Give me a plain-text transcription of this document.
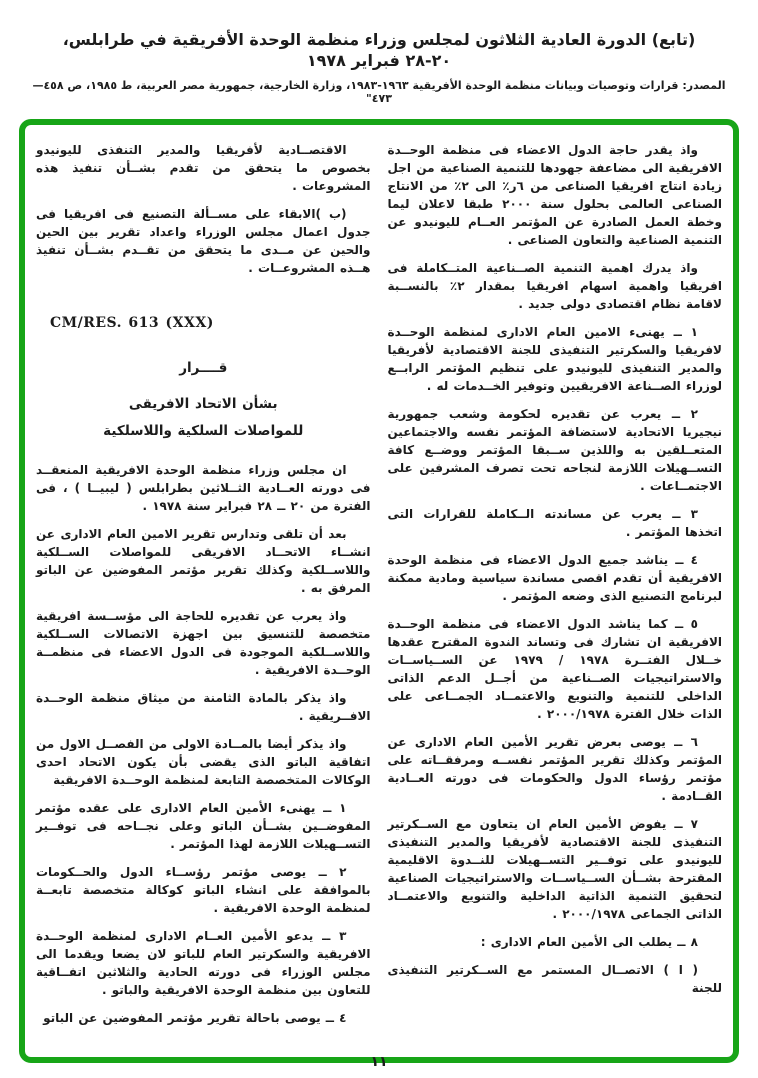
(تابع) الدورة العادية الثلاثون لمجلس وزراء منظمة الوحدة الأفريقية في طرابلس، ٢٠-٢٨ فبراير ١٩٧٨
المصدر: قرارات وتوصيات وبيانات منظمة الوحدة الأفريقية ١٩٦٣-١٩٨٣، وزارة الخارجية، جمهورية مصر العربية، ط ١٩٨٥، ص ٤٥٨—٤٧٣"

واذ يقدر حاجة الدول الاعضاء فى منظمة الوحــدة الافريقية الى مضاعفة جهودها للتنمية الصناعية من اجل زيادة انتاج افريقيا الصناعى من ٦ر٪ الى ٢٪ من الانتاج الصناعى العالمى بحلول سنة ٢٠٠٠ طبقا لاعلان ليما وخطة العمل الصادرة عن المؤتمر العــام لليونيدو عن التنمية الصناعية والتعاون الصناعى .

واذ يدرك اهمية التنمية الصــناعية المتــكاملة فى افريقيا واهمية اسهام افريقيا بمقدار ٢٪ بالنســبة لاقامة نظام اقتصادى دولى جديد .

١ ــ يهنىء الامين العام الادارى لمنظمة الوحــدة لافريقيا والسكرتير التنفيذى للجنة الاقتصادية لأفريقيا والمدير التنفيذى لليونيدو على تنظيم المؤتمر الرابــع لوزراء الصــناعة الافريقيين وتوفير الخــدمات له .

٢ ــ يعرب عن تقديره لحكومة وشعب جمهورية نيجيريا الاتحادية لاستضافة المؤتمر نفسه والاجتماعين المتعــلقين به واللذين ســبقا المؤتمر ووضــع كافة التســهيلات اللازمة لنجاحه تحت تصرف المشرفين على الاجتمــاعات .

٣ ــ يعرب عن مساندته الــكاملة للقرارات التى اتخذها المؤتمر .

٤ ــ يناشد جميع الدول الاعضاء فى منظمة الوحدة الافريقية أن تقدم اقصى مساندة سياسية ومادية ممكنة لبرنامج التصنيع الذى وضعه المؤتمر .

٥ ــ كما يناشد الدول الاعضاء فى منظمة الوحــدة الافريقية ان تشارك فى وتساند الندوة المقترح عقدها خــلال الفتــرة ١٩٧٨ / ١٩٧٩ عن الســياســات والاستراتيجيات الصــناعية من أجــل الدعم الذاتى الداخلى للتنمية والتنويع والاعتمــاد الجمــاعى على الذات خلال الفترة ٢٠٠٠/١٩٧٨ .

٦ ــ يوصى بعرض تقرير الأمين العام الادارى عن المؤتمر وكذلك تقرير المؤتمر نفســه ومرفقــاته على مؤتمر رؤساء الدول والحكومات فى دورته العــادية القــادمة .

٧ ــ يفوض الأمين العام ان يتعاون مع الســكرتير التنفيذى للجنة الاقتصادية لأفريقيا والمدير التنفيذى لليونيدو على توفــير التســهيلات للنــدوة الاقليمية المقترحة بشــأن الســياســات والاستراتيجيات الصناعية لتحقيق التنمية الذاتية الداخلية والتنويع والاعتمــاد الذاتى الجماعى ٢٠٠٠/١٩٧٨ .

٨ ــ يطلب الى الأمين العام الادارى :

( ا ) الاتصــال المستمر مع الســكرتير التنفيذى للجنة

الاقتصــادية لأفريقيا والمدير التنفذى لليونيدو بخصوص ما يتحقق من تقدم بشــأن تنفيذ هذه المشروعات .

(ب )الابقاء على مســألة التصنيع فى افريقيا فى جدول اعمال مجلس الوزراء واعداد تقرير بين الحين والحين عن مــدى ما يتحقق من تقــدم بشــأن تنفيذ هــذه المشروعــات .

CM/RES. 613 (XXX)

قــــرار

بشأن الاتحاد الافريقى

للمواصلات السلكية واللاسلكية

ان مجلس وزراء منظمة الوحدة الافريقية المنعقــد فى دورته العــادية الثــلاثين بطرابلس ( ليبيــا ) ، فى الفترة من ٢٠ ــ ٢٨ فبراير سنة ١٩٧٨ .

بعد أن تلقى وتدارس تقرير الامين العام الادارى عن انشــاء الاتحــاد الافريقى للمواصلات الســلكية واللاســلكية وكذلك تقرير مؤتمر المفوضين عن الباتو المرفق به .

واذ يعرب عن تقديره للحاجة الى مؤســسة افريقية متخصصة للتنسيق بين اجهزة الاتصالات الســلكية واللاســلكية الموجودة فى الدول الاعضاء فى منظمــة الوحــدة الافريقية .

واذ يذكر بالمادة الثامنة من ميثاق منظمة الوحــدة الافــريقية .

واذ يذكر أيضا بالمــادة الاولى من الفصــل الاول من اتفاقية الباتو الذى يقضى بأن يكون الاتحاد احدى الوكالات المتخصصة التابعة لمنظمة الوحــدة الافريقية

١ ــ يهنىء الأمين العام الادارى على عقده مؤتمر المفوضــين بشــأن الباتو وعلى نجــاحه فى توفــير التســهيلات اللازمة لهذا المؤتمر .

٢ ــ يوصى مؤتمر رؤســاء الدول والحــكومات بالموافقة على انشاء الباتو كوكالة متخصصة تابعــة لمنظمة الوحدة الافريقية .

٣ ــ يدعو الأمين العــام الادارى لمنظمة الوحــدة الافريقية والسكرتير العام للباتو لان يضعا ويقدما الى مجلس الوزراء فى دورته الحادية والثلاثين اتفــاقية للتعاون بين منظمة الوحدة الافريقية والباتو .

٤ ــ يوصى باحالة تقرير مؤتمر المفوضين عن الباتو

١١
